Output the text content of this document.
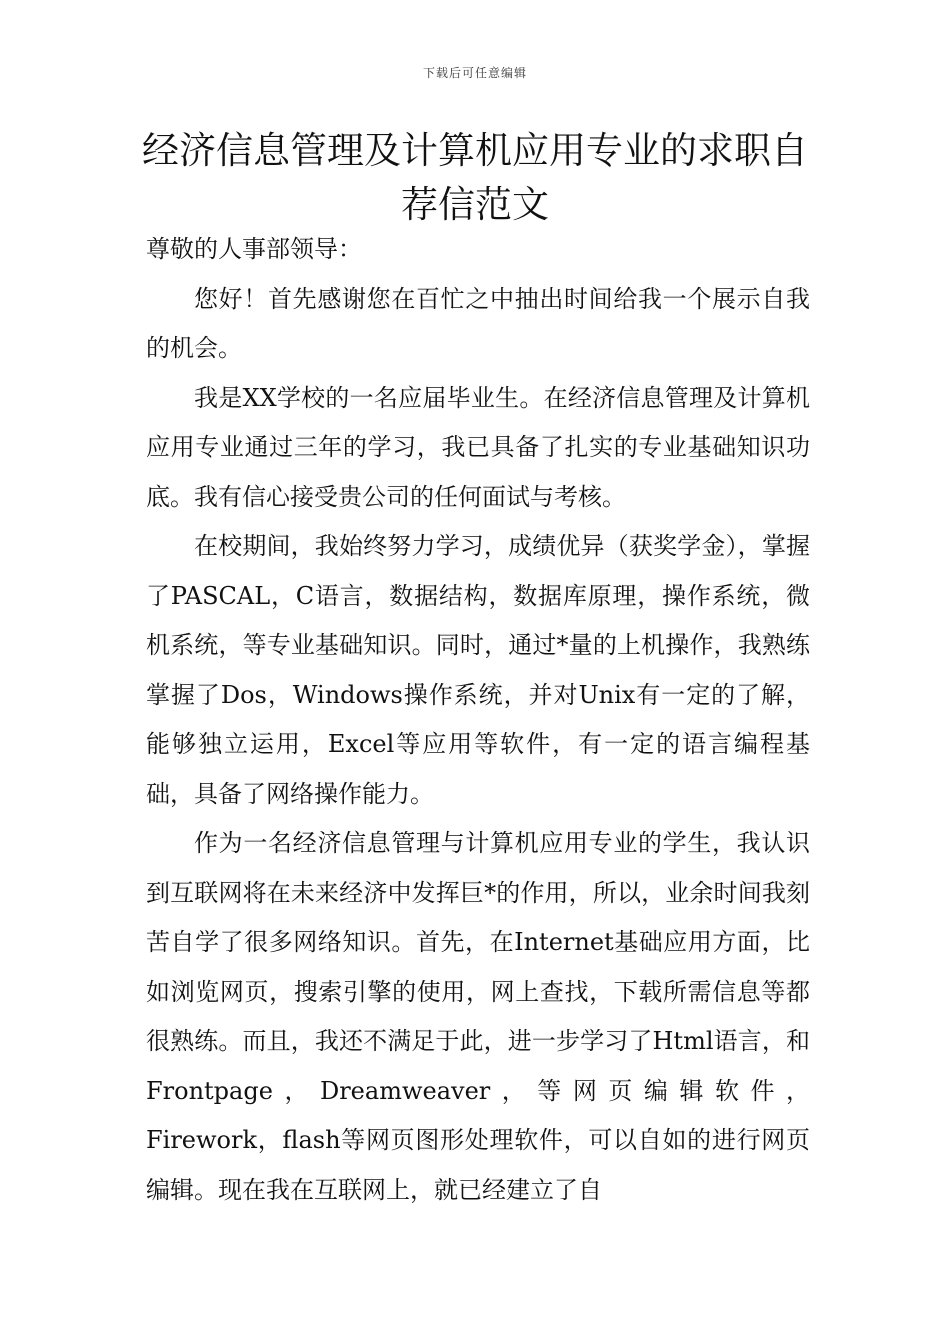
下载后可任意编辑
经济信息管理及计算机应用专业的求职自荐信范文

尊敬的人事部领导：

您好！首先感谢您在百忙之中抽出时间给我一个展示自我的机会。

我是XX学校的一名应届毕业生。在经济信息管理及计算机应用专业通过三年的学习，我已具备了扎实的专业基础知识功底。我有信心接受贵公司的任何面试与考核。

在校期间，我始终努力学习，成绩优异（获奖学金），掌握了PASCAL，C语言，数据结构，数据库原理，操作系统，微机系统，等专业基础知识。同时，通过*量的上机操作，我熟练掌握了Dos，Windows操作系统，并对Unix有一定的了解，能够独立运用，Excel等应用等软件，有一定的语言编程基础，具备了网络操作能力。

作为一名经济信息管理与计算机应用专业的学生，我认识到互联网将在未来经济中发挥巨*的作用，所以，业余时间我刻苦自学了很多网络知识。首先，在Internet基础应用方面，比如浏览网页，搜索引擎的使用，网上查找，下载所需信息等都很熟练。而且，我还不满足于此，进一步学习了Html语言，和Frontpage，Dreamweaver，等网页编辑软件，Firework，flash等网页图形处理软件，可以自如的进行网页编辑。现在我在互联网上，就已经建立了自
